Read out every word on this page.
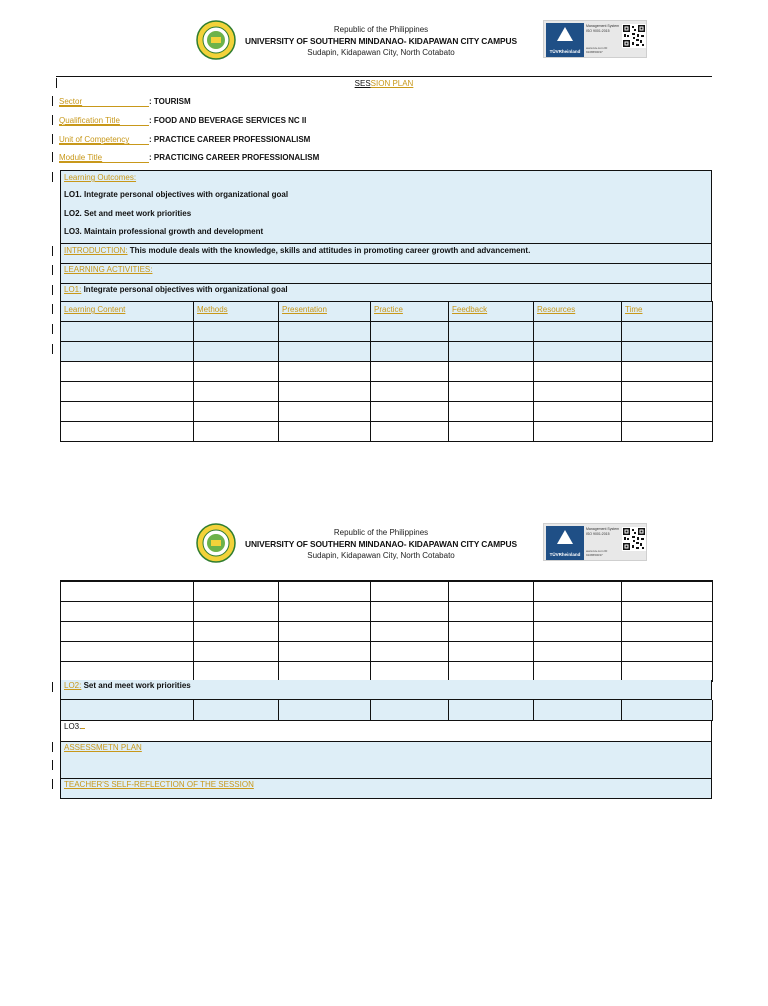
Republic of the Philippines
UNIVERSITY OF SOUTHERN MINDANAO- KIDAPAWAN CITY CAMPUS
Sudapin, Kidapawan City, North Cotabato	TÜVRheinland
Management System ISO 9001:2015
www.tuv.com ID 9108650037
SESSION PLAN
Sector	: TOURISM
Qualification Title	: FOOD AND BEVERAGE SERVICES NC II
Unit of Competency	: PRACTICE CAREER PROFESSIONALISM
Module Title	: PRACTICING CAREER PROFESSIONALISM
Learning Outcomes:
LO1. Integrate personal objectives with organizational goal
LO2. Set and meet work priorities
LO3. Maintain professional growth and development
INTRODUCTION: This module deals with the knowledge, skills and attitudes in promoting career growth and advancement.
LEARNING ACTIVITIES:
LO1: Integrate personal objectives with organizational goal
Learning Content	Methods	Presentation	Practice	Feedback	Resources	Time

Republic of the Philippines
UNIVERSITY OF SOUTHERN MINDANAO- KIDAPAWAN CITY CAMPUS
Sudapin, Kidapawan City, North Cotabato	TÜVRheinland
Management System ISO 9001:2015
www.tuv.com ID 9108650037

LO2: Set and meet work priorities

LO3.
ASSESSMETN PLAN
TEACHER'S SELF-REFLECTION OF THE SESSION
